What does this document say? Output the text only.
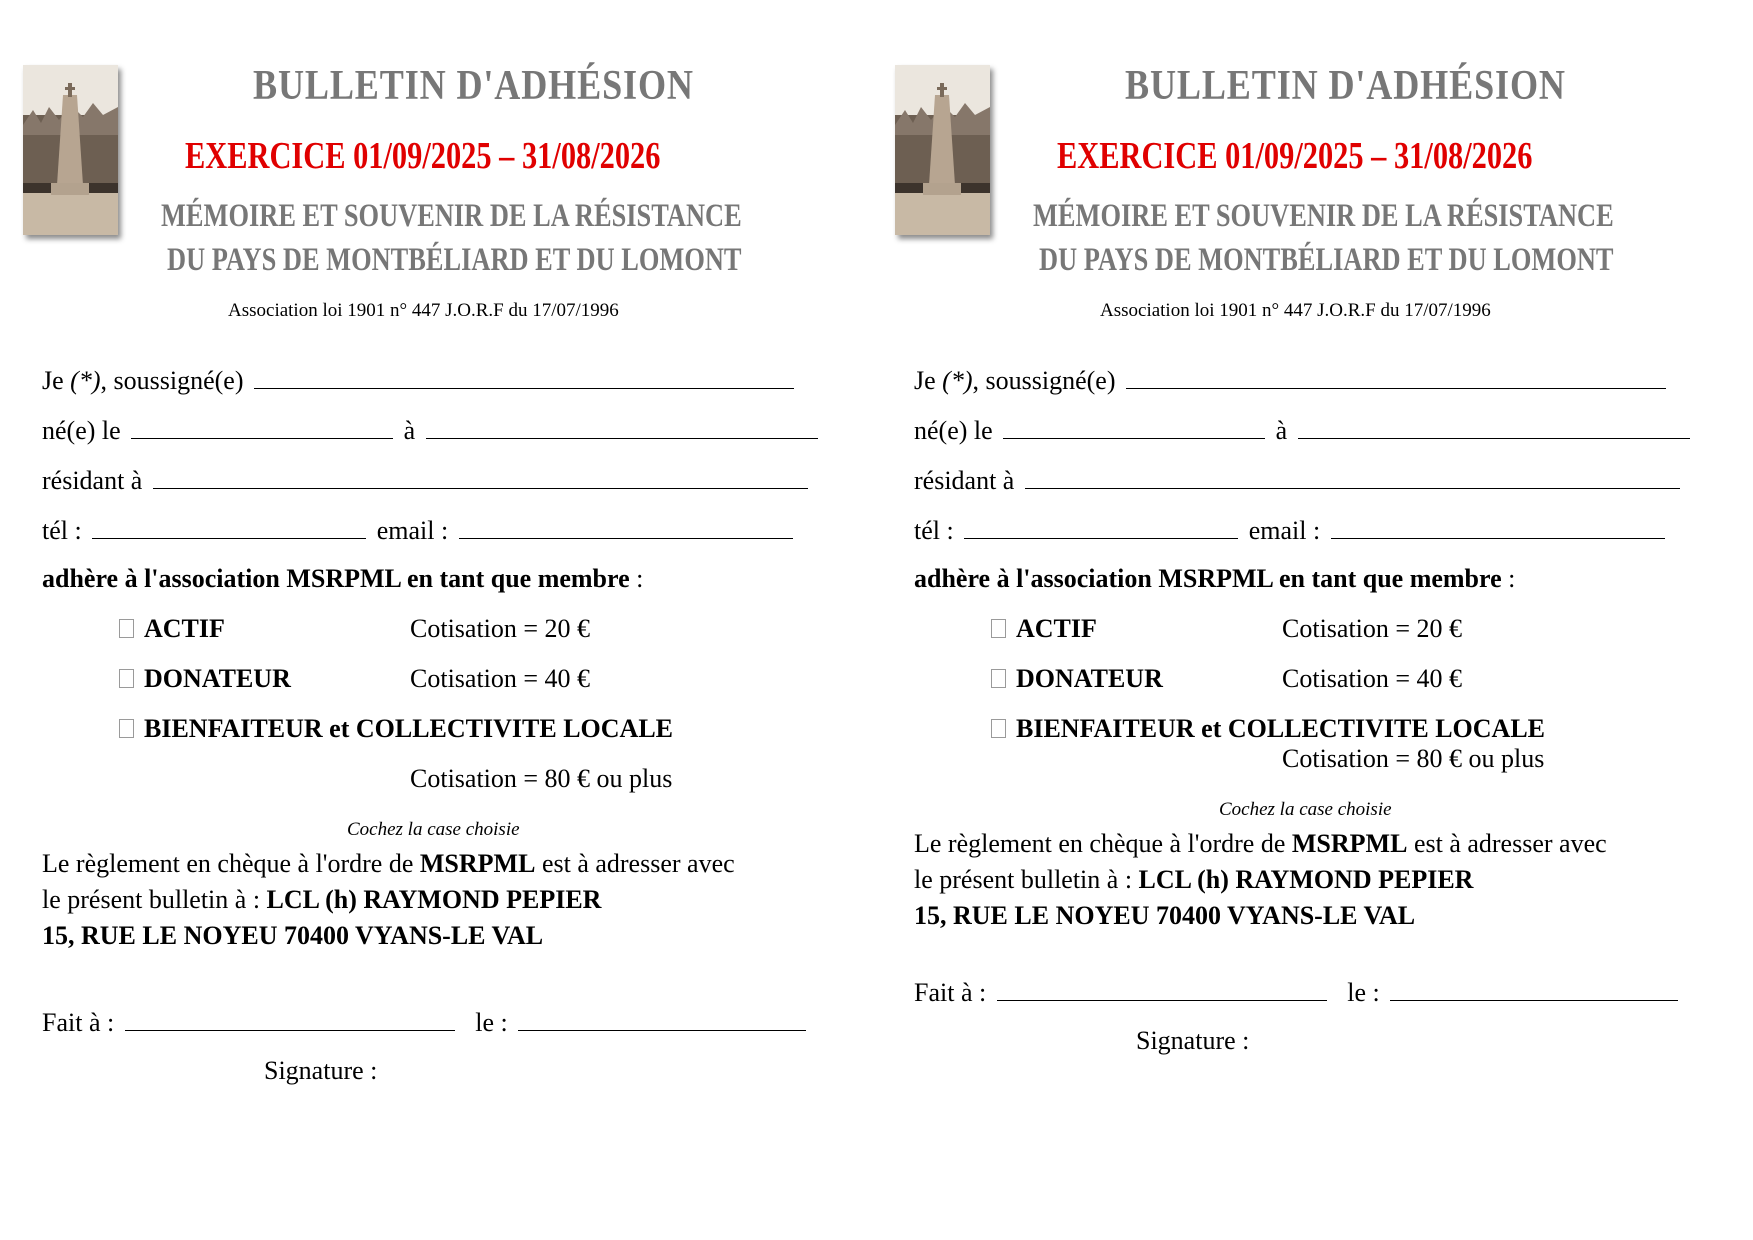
BULLETIN D'ADHÉSION
EXERCICE 01/09/2025 – 31/08/2026
MÉMOIRE ET SOUVENIR DE LA RÉSISTANCE
DU PAYS DE MONTBÉLIARD ET DU LOMONT
Association loi 1901 n° 447 J.O.R.F du 17/07/1996
Je (*), soussigné(e)
né(e) le	à
résidant à
tél :	email :
adhère à l'association MSRPML en tant que membre :
ACTIF	Cotisation = 20 €
DONATEUR	Cotisation = 40 €
BIENFAITEUR et COLLECTIVITE LOCALE
Cotisation = 80 € ou plus
Cochez la case choisie
Le règlement en chèque à l'ordre de MSRPML est à adresser avec
le présent bulletin à : LCL (h) RAYMOND PEPIER
15, RUE LE NOYEU 70400 VYANS-LE VAL
Fait à :	le :
Signature :
BULLETIN D'ADHÉSION
EXERCICE 01/09/2025 – 31/08/2026
MÉMOIRE ET SOUVENIR DE LA RÉSISTANCE
DU PAYS DE MONTBÉLIARD ET DU LOMONT
Association loi 1901 n° 447 J.O.R.F du 17/07/1996
Je (*), soussigné(e)
né(e) le	à
résidant à
tél :	email :
adhère à l'association MSRPML en tant que membre :
ACTIF	Cotisation = 20 €
DONATEUR	Cotisation = 40 €
BIENFAITEUR et COLLECTIVITE LOCALE
Cotisation = 80 € ou plus
Cochez la case choisie
Le règlement en chèque à l'ordre de MSRPML est à adresser avec
le présent bulletin à : LCL (h) RAYMOND PEPIER
15, RUE LE NOYEU 70400 VYANS-LE VAL
Fait à :	le :
Signature :
